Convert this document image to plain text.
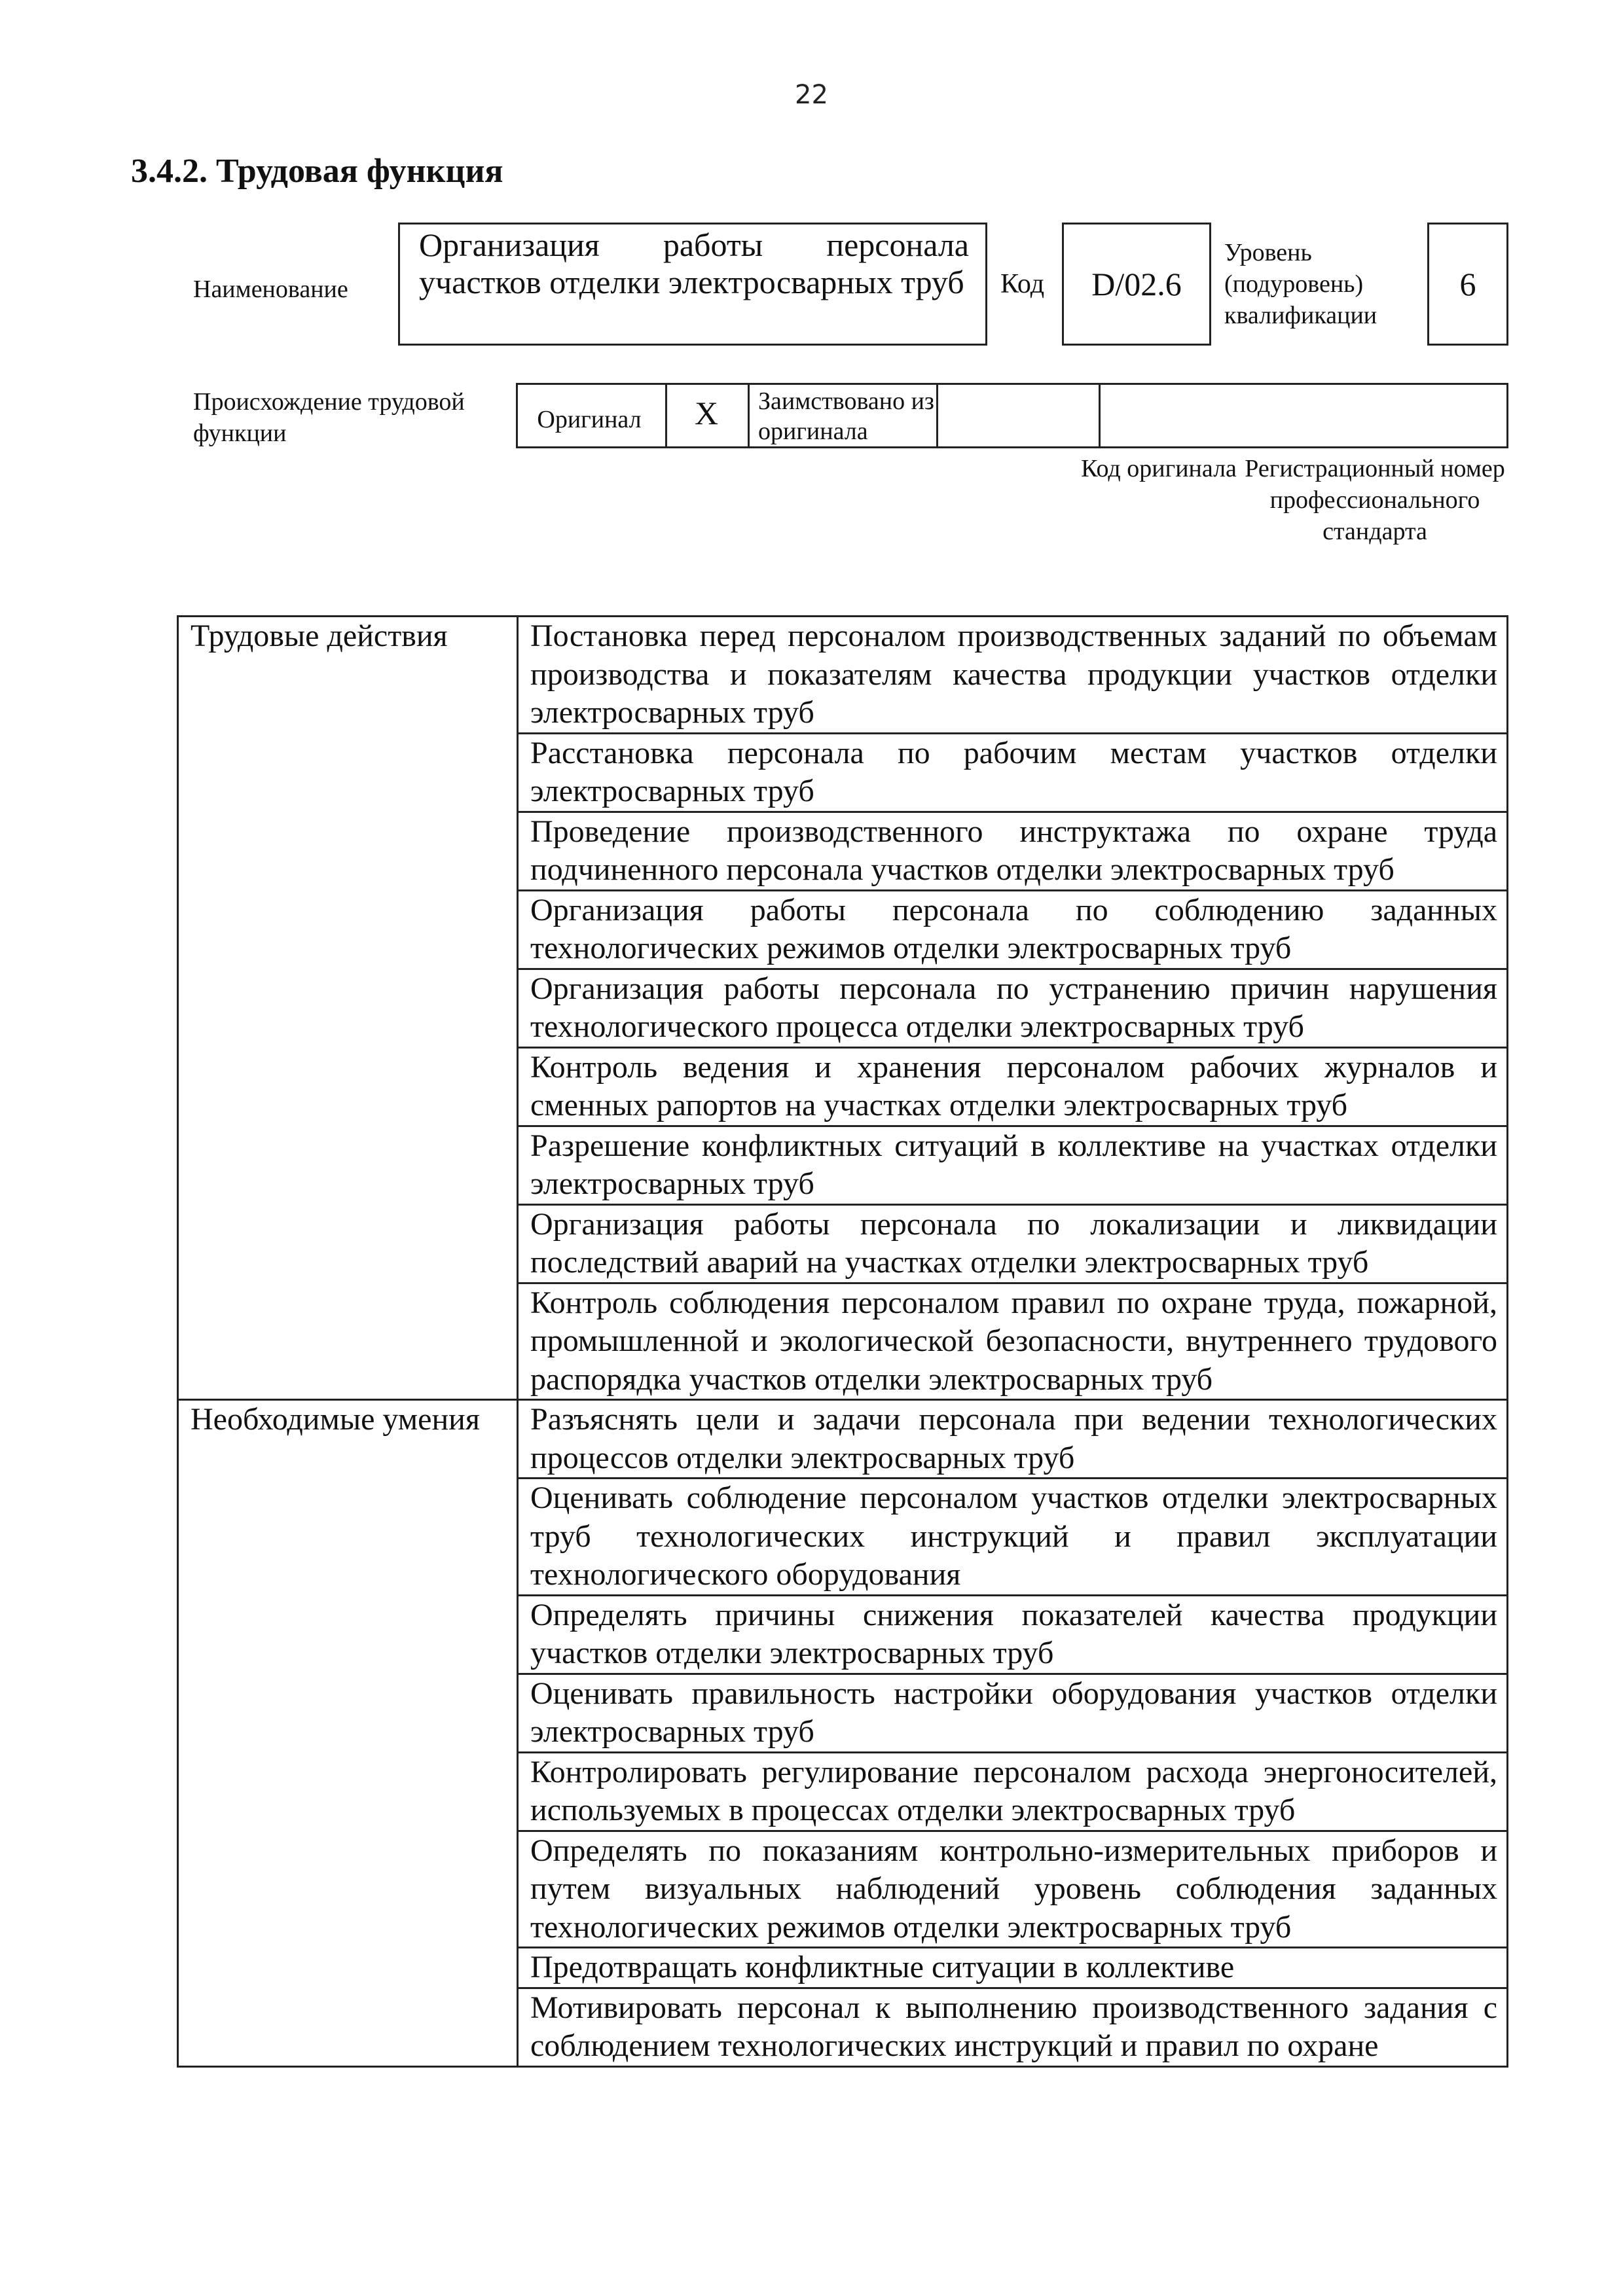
22
3.4.2. Трудовая функция
Наименование
Организация работы персонала участков отделки электросварных труб Код	D/02.6
Уровень (подуровень) квалификации
6
Происхождение трудовой функции	Оригинал	X	Заимствовано из оригинала
Код оригинала Регистрационный номер профессионального стандарта
Трудовые действия	Постановка перед персоналом производственных заданий по объемам производства и показателям качества продукции участков отделки электросварных труб
	Расстановка персонала по рабочим местам участков отделки электросварных труб
	Проведение производственного инструктажа по охране труда подчиненного персонала участков отделки электросварных труб
	Организация работы персонала по соблюдению заданных технологических режимов отделки электросварных труб
	Организация работы персонала по устранению причин нарушения технологического процесса отделки электросварных труб
	Контроль ведения и хранения персоналом рабочих журналов и сменных рапортов на участках отделки электросварных труб
	Разрешение конфликтных ситуаций в коллективе на участках отделки электросварных труб
	Организация работы персонала по локализации и ликвидации последствий аварий на участках отделки электросварных труб
	Контроль соблюдения персоналом правил по охране труда, пожарной, промышленной и экологической безопасности, внутреннего трудового распорядка участков отделки электросварных труб
Необходимые умения	Разъяснять цели и задачи персонала при ведении технологических процессов отделки электросварных труб
	Оценивать соблюдение персоналом участков отделки электросварных труб технологических инструкций и правил эксплуатации технологического оборудования
	Определять причины снижения показателей качества продукции участков отделки электросварных труб
	Оценивать правильность настройки оборудования участков отделки электросварных труб
	Контролировать регулирование персоналом расхода энергоносителей, используемых в процессах отделки электросварных труб
	Определять по показаниям контрольно-измерительных приборов и путем визуальных наблюдений уровень соблюдения заданных технологических режимов отделки электросварных труб
	Предотвращать конфликтные ситуации в коллективе
	Мотивировать персонал к выполнению производственного задания с соблюдением технологических инструкций и правил по охране
